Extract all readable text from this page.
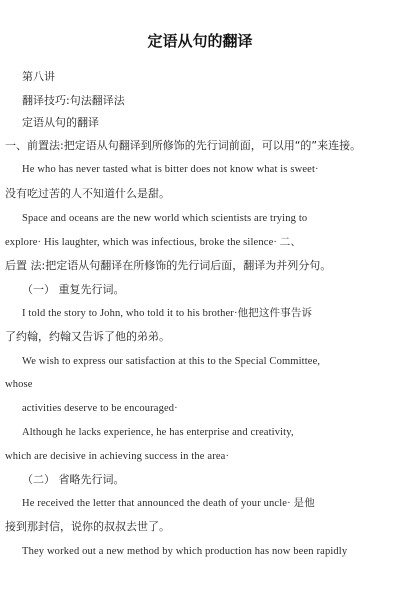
定语从句的翻译

第八讲

翻译技巧:句法翻译法

定语从句的翻译

一、前置法:把定语从句翻译到所修饰的先行词前面，可以用“的”来连接。

He who has never tasted what is bitter does not know what is sweet·

没有吃过苦的人不知道什么是甜。

Space and oceans are the new world which scientists are trying to

explore· His laughter, which was infectious, broke the silence· 二、

后置 法:把定语从句翻译在所修饰的先行词后面，翻译为并列分句。

（一） 重复先行词。

I told the story to John, who told it to his brother·他把这件事告诉

了约翰，约翰又告诉了他的弟弟。

We wish to express our satisfaction at this to the Special Committee,

whose

activities deserve to be encouraged·

Although he lacks experience, he has enterprise and creativity,

which are decisive in achieving success in the area·

（二） 省略先行词。

He received the letter that announced the death of your uncle· 是他

接到那封信，说你的叔叔去世了。

They worked out a new method by which production has now been rapidly
